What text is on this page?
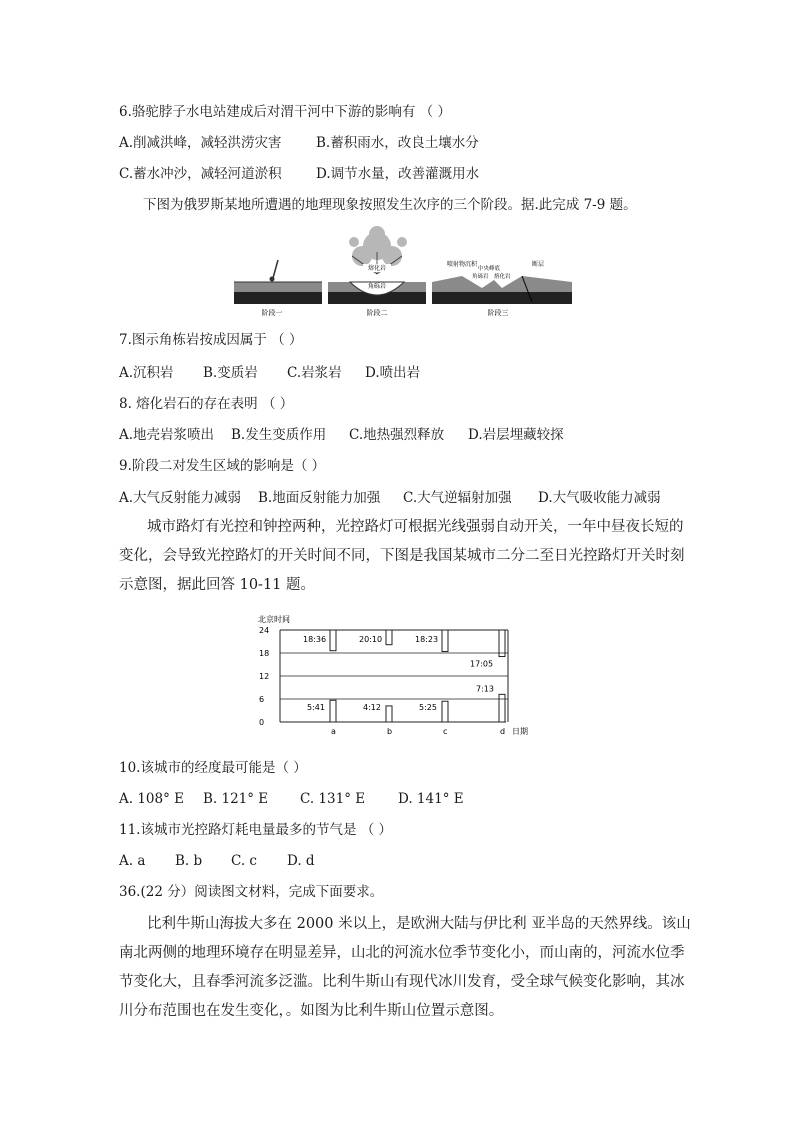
6.骆驼脖子水电站建成后对渭干河中下游的影响有 （ ）
A.削减洪峰，减轻洪涝灾害	B.蓄积雨水，改良土壤水分
C.蓄水冲沙，减轻河道淤积	D.调节水量，改善灌溉用水
下图为俄罗斯某地所遭遇的地理现象按照发生次序的三个阶段。据.此完成 7-9 题。
熔化岩
角砾岩
喷射物沉积
中央峰底
角砾岩 熔化岩
断层
阶段一	阶段二	阶段三
7.图示角栋岩按成因属于 （ ）
A.沉积岩 B.变质岩 C.岩浆岩 D.喷出岩
8. 熔化岩石的存在表明 （ ）
A.地壳岩浆喷出 B.发生变质作用 C.地热强烈释放 D.岩层埋藏较探
9.阶段二对发生区域的影响是（ ）
A.大气反射能力减弱 B.地面反射能力加强 C.大气逆辐射加强 D.大气吸收能力减弱
城市路灯有光控和钟控两种，光控路灯可根据光线强弱自动开关，一年中昼夜长短的变化，会导致光控路灯的开关时间不同，下图是我国某城市二分二至日光控路灯开关时刻示意图，据此回答 10-11 题。
北京时间
24
18
12
6
0
18:36
5:41
a
20:10
4:12
b
18:23
5:25
c
17:05
7:13
d 日期
10.该城市的经度最可能是（ ）
A. 108° E B. 121° E C. 131° E D. 141° E
11.该城市光控路灯耗电量最多的节气是 （ ）
A. a B. b C. c D. d
36.(22 分）阅读图文材料，完成下面要求。
比利牛斯山海拔大多在 2000 米以上，是欧洲大陆与伊比利 亚半岛的天然界线。该山南北两侧的地理环境存在明显差异，山北的河流水位季节变化小，而山南的，河流水位季节变化大，且春季河流多泛滥。比利牛斯山有现代冰川发育，受全球气候变化影响，其冰川分布范围也在发生变化，。如图为比利牛斯山位置示意图。
